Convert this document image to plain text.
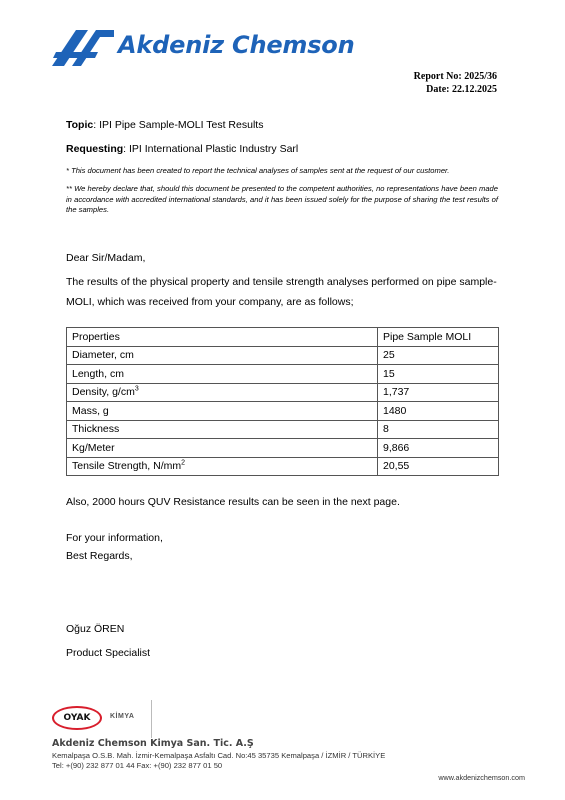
Akdeniz Chemson
Report No: 2025/36
Date: 22.12.2025
Topic: IPI Pipe Sample-MOLI Test Results
Requesting: IPI International Plastic Industry Sarl
* This document has been created to report the technical analyses of samples sent at the request of our customer.
** We hereby declare that, should this document be presented to the competent authorities, no representations have been made in accordance with accredited international standards, and it has been issued solely for the purpose of sharing the test results of the samples.
Dear Sir/Madam,
The results of the physical property and tensile strength analyses performed on pipe sample-MOLI, which was received from your company, are as follows;
Properties	Pipe Sample MOLI
Diameter, cm	25
Length, cm	15
Density, $g/cm^3$	1,737
Mass, g	1480
Thickness	8
Kg/Meter	9,866
Tensile Strength, $N/mm^2$	20,55
Also, 2000 hours QUV Resistance results can be seen in the next page.
For your information,
Best Regards,
Oğuz ÖREN
Product Specialist
OYAK	KİMYA
Akdeniz Chemson Kimya San. Tic. A.Ş
Kemalpaşa O.S.B. Mah. İzmir-Kemalpaşa Asfaltı Cad. No:45 35735 Kemalpaşa / İZMİR / TÜRKİYE
Tel: +(90) 232 877 01 44 Fax: +(90) 232 877 01 50
www.akdenizchemson.com
